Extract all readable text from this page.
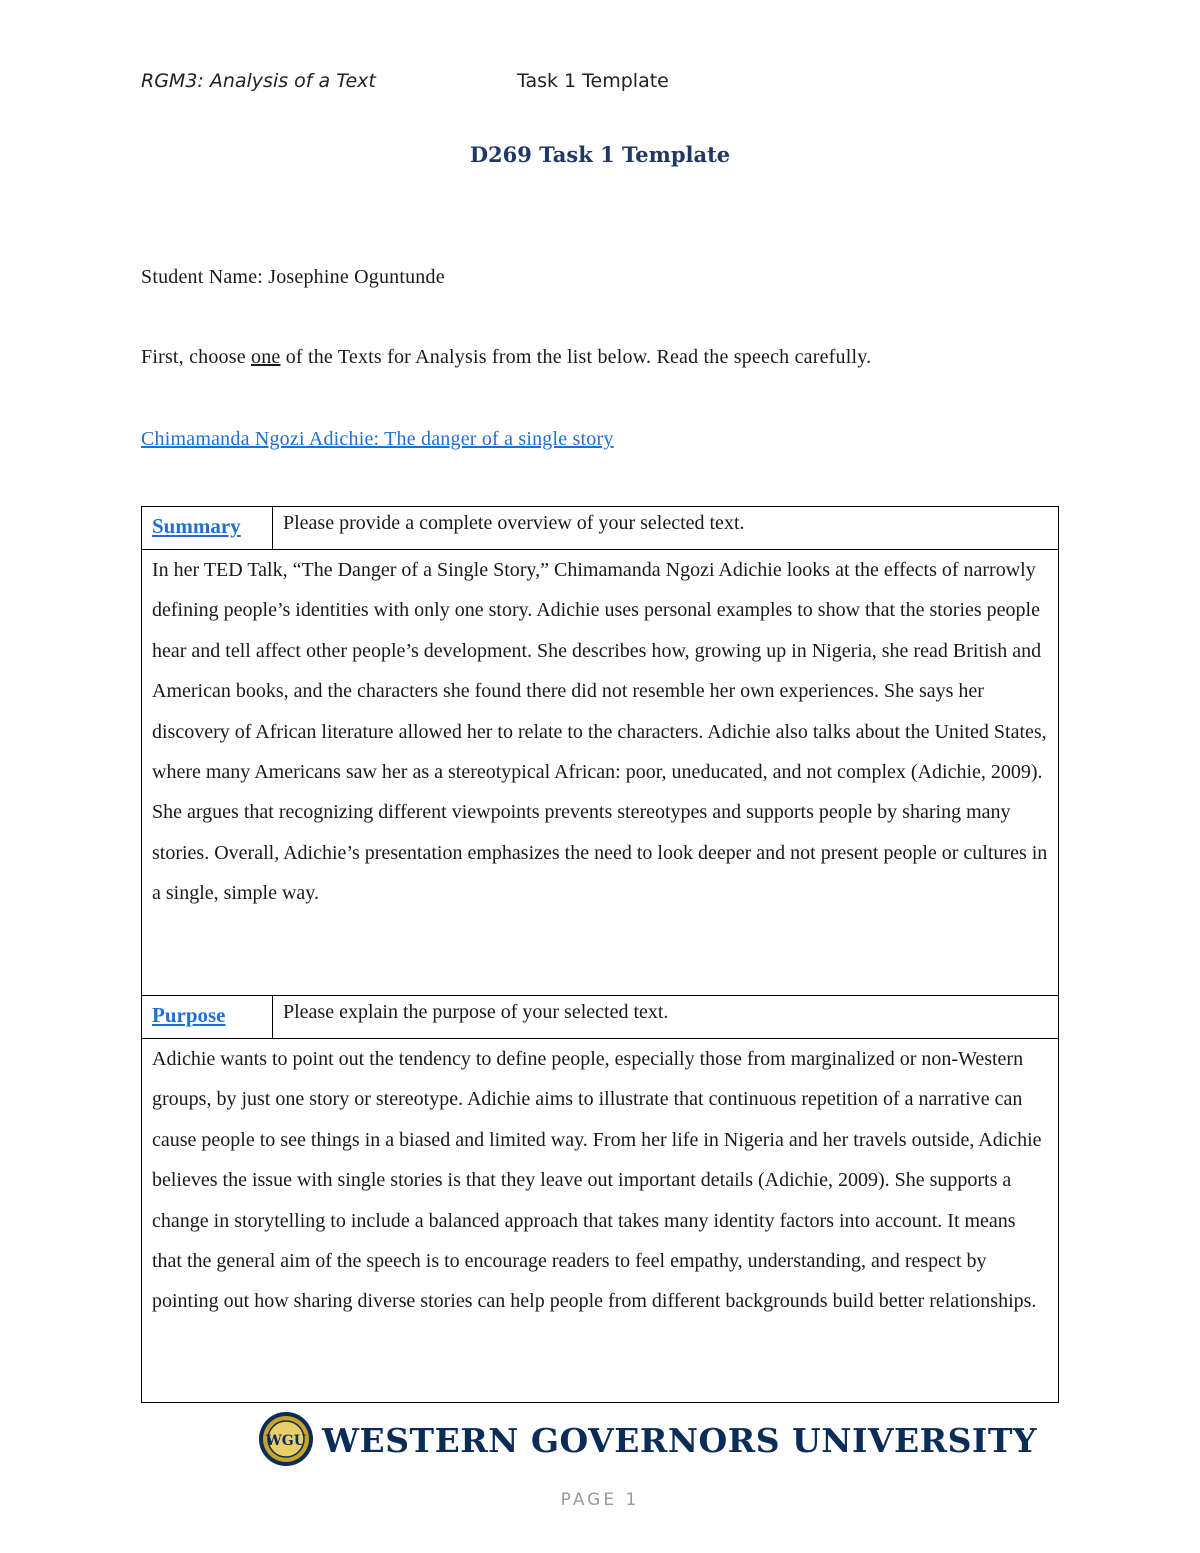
RGM3: Analysis of a Text	Task 1 Template
D269 Task 1 Template
Student Name: Josephine Oguntunde
First, choose one of the Texts for Analysis from the list below. Read the speech carefully.
Chimamanda Ngozi Adichie: The danger of a single story
Summary	Please provide a complete overview of your selected text.
In her TED Talk, “The Danger of a Single Story,” Chimamanda Ngozi Adichie looks at the effects of narrowly defining people’s identities with only one story. Adichie uses personal examples to show that the stories people hear and tell affect other people’s development. She describes how, growing up in Nigeria, she read British and American books, and the characters she found there did not resemble her own experiences. She says her discovery of African literature allowed her to relate to the characters. Adichie also talks about the United States, where many Americans saw her as a stereotypical African: poor, uneducated, and not complex (Adichie, 2009). She argues that recognizing different viewpoints prevents stereotypes and supports people by sharing many stories. Overall, Adichie’s presentation emphasizes the need to look deeper and not present people or cultures in a single, simple way.	
Purpose	Please explain the purpose of your selected text.
Adichie wants to point out the tendency to define people, especially those from marginalized or non-Western groups, by just one story or stereotype. Adichie aims to illustrate that continuous repetition of a narrative can cause people to see things in a biased and limited way. From her life in Nigeria and her travels outside, Adichie believes the issue with single stories is that they leave out important details (Adichie, 2009). She supports a change in storytelling to include a balanced approach that takes many identity factors into account. It means that the general aim of the speech is to encourage readers to feel empathy, understanding, and respect by pointing out how sharing diverse stories can help people from different backgrounds build better relationships.	
WGU WESTERN GOVERNORS UNIVERSITY
PAGE 1
